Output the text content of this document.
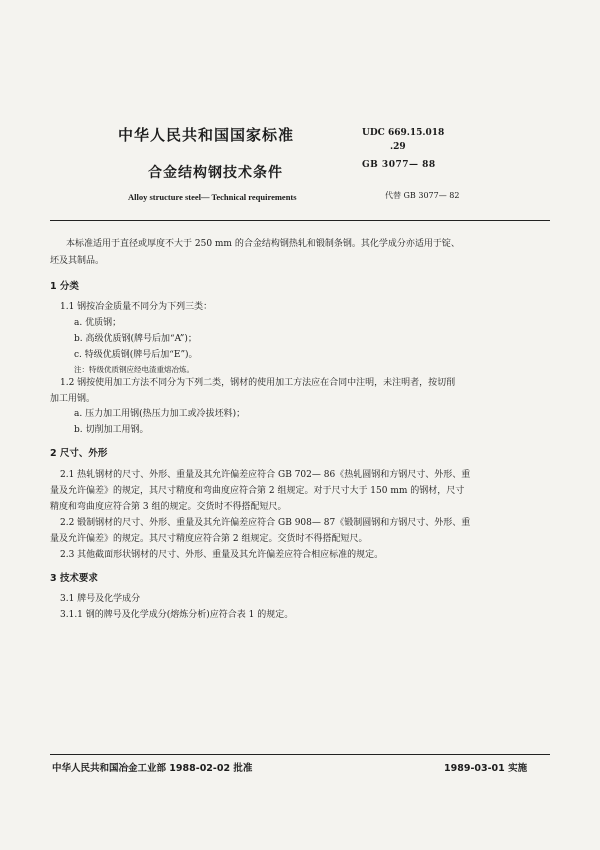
中华人民共和国国家标准
合金结构钢技术条件
Alloy structure steel— Technical requirements
UDC 669.15.018
.29
GB 3077— 88
代替 GB 3077— 82
本标准适用于直径或厚度不大于 250 mm 的合金结构钢热轧和锻制条钢。其化学成分亦适用于锭、
坯及其制品。
1 分类
1.1 钢按冶金质量不同分为下列三类：
a. 优质钢；
b. 高级优质钢(牌号后加“A”)；
c. 特级优质钢(牌号后加“E”)。
注：特级优质钢应经电渣重熔冶炼。
1.2 钢按使用加工方法不同分为下列二类，钢材的使用加工方法应在合同中注明，未注明者，按切削
加工用钢。
a. 压力加工用钢(热压力加工或冷拔坯料)；
b. 切削加工用钢。
2 尺寸、外形
2.1 热轧钢材的尺寸、外形、重量及其允许偏差应符合 GB 702— 86《热轧圆钢和方钢尺寸、外形、重
量及允许偏差》的规定，其尺寸精度和弯曲度应符合第 2 组规定。对于尺寸大于 150 mm 的钢材，尺寸
精度和弯曲度应符合第 3 组的规定。交货时不得搭配短尺。
2.2 锻制钢材的尺寸、外形、重量及其允许偏差应符合 GB 908— 87《锻制圆钢和方钢尺寸、外形、重
量及允许偏差》的规定。其尺寸精度应符合第 2 组规定。交货时不得搭配短尺。
2.3 其他截面形状钢材的尺寸、外形、重量及其允许偏差应符合相应标准的规定。
3 技术要求
3.1 牌号及化学成分
3.1.1 钢的牌号及化学成分(熔炼分析)应符合表 1 的规定。
中华人民共和国冶金工业部 1988-02-02 批准	1989-03-01 实施
